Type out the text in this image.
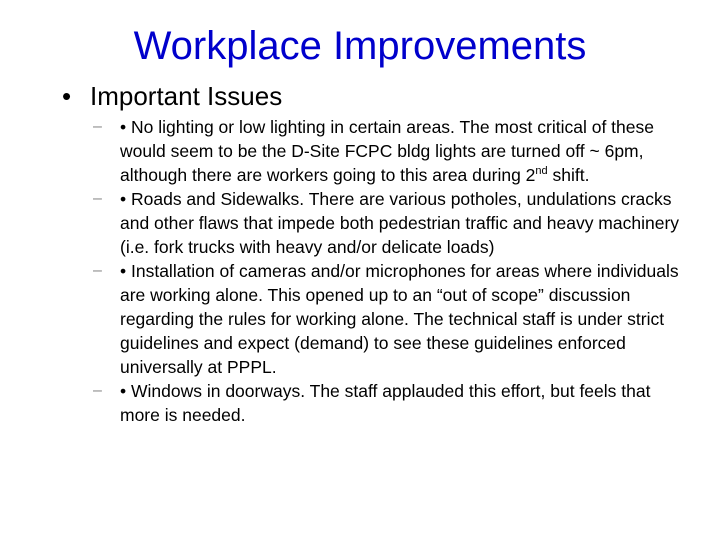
Workplace Improvements
• Important Issues
– • No lighting or low lighting in certain areas. The most critical of these would seem to be the D-Site FCPC bldg lights are turned off ~ 6pm, although there are workers going to this area during 2nd shift.
– • Roads and Sidewalks. There are various potholes, undulations cracks and other flaws that impede both pedestrian traffic and heavy machinery (i.e. fork trucks with heavy and/or delicate loads)
– • Installation of cameras and/or microphones for areas where individuals are working alone. This opened up to an “out of scope” discussion regarding the rules for working alone. The technical staff is under strict guidelines and expect (demand) to see these guidelines enforced universally at PPPL.
– • Windows in doorways. The staff applauded this effort, but feels that more is needed.
